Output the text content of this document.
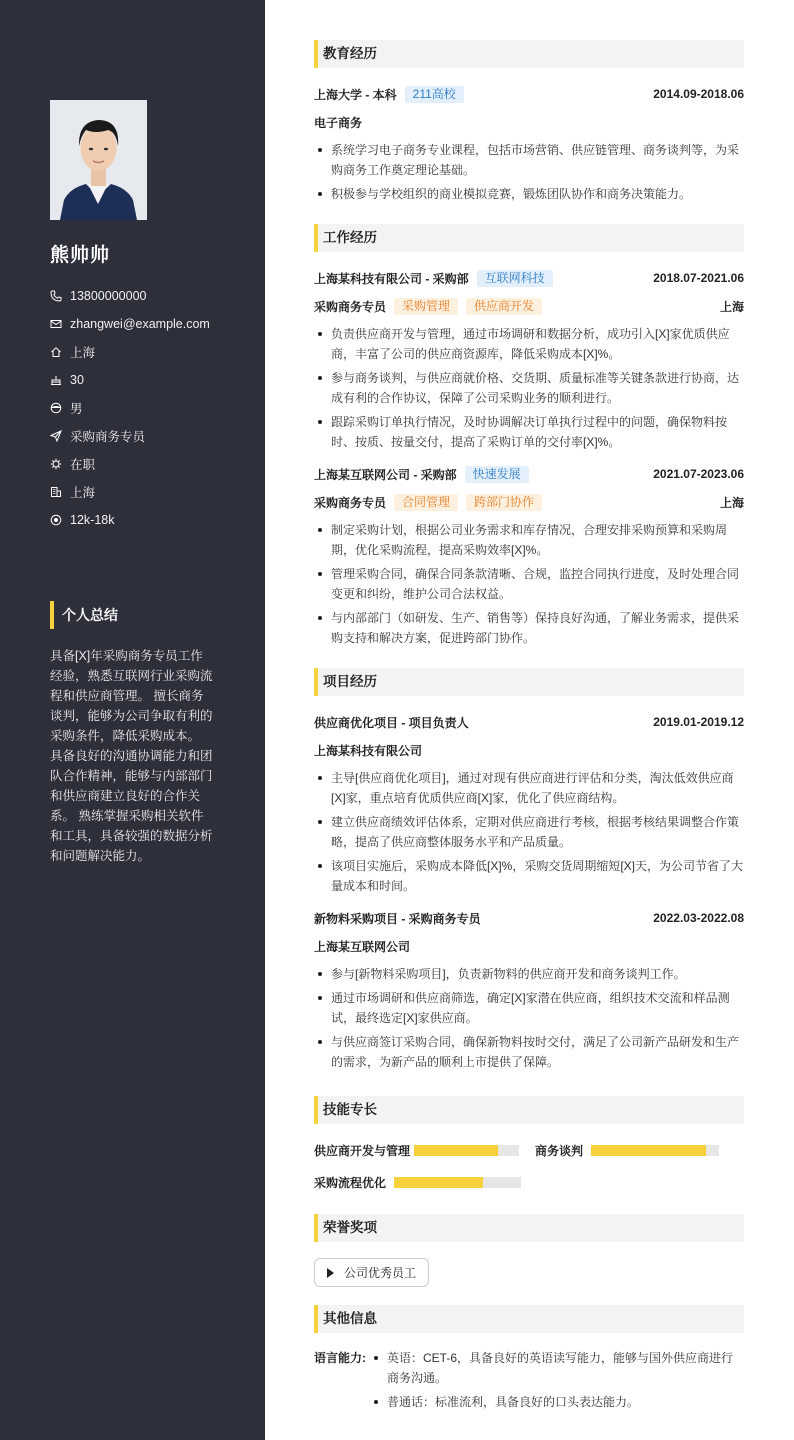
熊帅帅
13800000000
zhangwei@example.com
上海
30
男
采购商务专员
在职
上海
12k-18k
个人总结
具备[X]年采购商务专员工作经验，熟悉互联网行业采购流程和供应商管理。 擅长商务谈判，能够为公司争取有利的采购条件，降低采购成本。 具备良好的沟通协调能力和团队合作精神，能够与内部部门和供应商建立良好的合作关系。 熟练掌握采购相关软件和工具，具备较强的数据分析和问题解决能力。
教育经历
上海大学 - 本科	211高校	2014.09-2018.06
电子商务
系统学习电子商务专业课程，包括市场营销、供应链管理、商务谈判等，为采购商务工作奠定理论基础。
积极参与学校组织的商业模拟竞赛，锻炼团队协作和商务决策能力。
工作经历
上海某科技有限公司 - 采购部	互联网科技	2018.07-2021.06
采购商务专员	采购管理	供应商开发	上海
负责供应商开发与管理，通过市场调研和数据分析，成功引入[X]家优质供应商，丰富了公司的供应商资源库，降低采购成本[X]%。
参与商务谈判，与供应商就价格、交货期、质量标准等关键条款进行协商，达成有利的合作协议，保障了公司采购业务的顺利进行。
跟踪采购订单执行情况，及时协调解决订单执行过程中的问题，确保物料按时、按质、按量交付，提高了采购订单的交付率[X]%。
上海某互联网公司 - 采购部	快速发展	2021.07-2023.06
采购商务专员	合同管理	跨部门协作	上海
制定采购计划，根据公司业务需求和库存情况，合理安排采购预算和采购周期，优化采购流程，提高采购效率[X]%。
管理采购合同，确保合同条款清晰、合规，监控合同执行进度，及时处理合同变更和纠纷，维护公司合法权益。
与内部部门（如研发、生产、销售等）保持良好沟通，了解业务需求，提供采购支持和解决方案，促进跨部门协作。
项目经历
供应商优化项目 - 项目负责人	2019.01-2019.12
上海某科技有限公司
主导[供应商优化项目]，通过对现有供应商进行评估和分类，淘汰低效供应商[X]家，重点培育优质供应商[X]家，优化了供应商结构。
建立供应商绩效评估体系，定期对供应商进行考核，根据考核结果调整合作策略，提高了供应商整体服务水平和产品质量。
该项目实施后，采购成本降低[X]%，采购交货周期缩短[X]天，为公司节省了大量成本和时间。
新物料采购项目 - 采购商务专员	2022.03-2022.08
上海某互联网公司
参与[新物料采购项目]，负责新物料的供应商开发和商务谈判工作。
通过市场调研和供应商筛选，确定[X]家潜在供应商，组织技术交流和样品测试，最终选定[X]家供应商。
与供应商签订采购合同，确保新物料按时交付，满足了公司新产品研发和生产的需求，为新产品的顺利上市提供了保障。
技能专长
供应商开发与管理	商务谈判
采购流程优化
荣誉奖项
公司优秀员工
其他信息
语言能力:	英语：CET-6，具备良好的英语读写能力，能够与国外供应商进行商务沟通。
普通话：标准流利，具备良好的口头表达能力。
